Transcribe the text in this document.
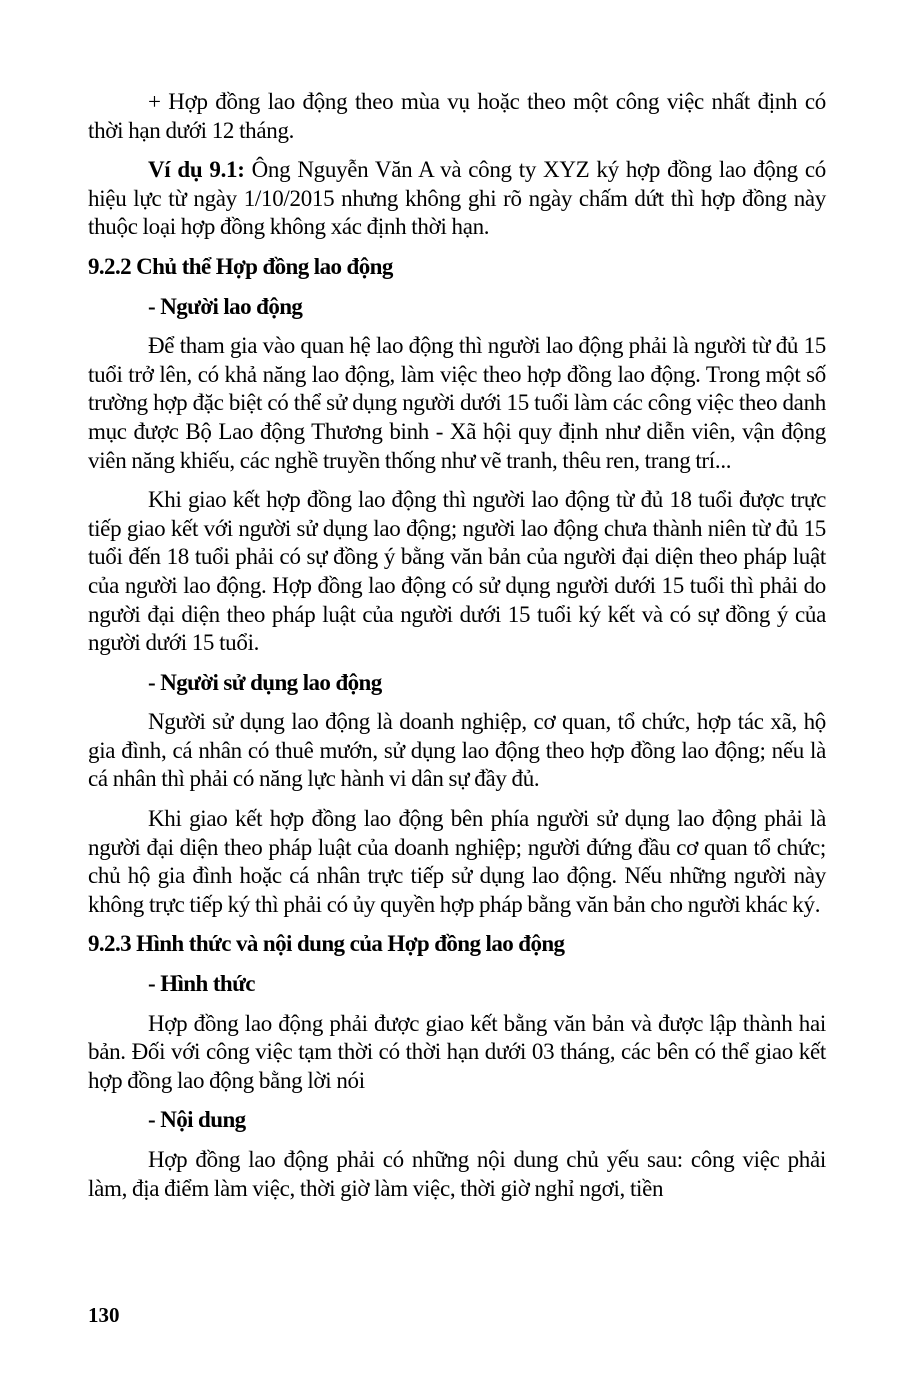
+ Hợp đồng lao động theo mùa vụ hoặc theo một công việc nhất định có thời hạn dưới 12 tháng.

Ví dụ 9.1: Ông Nguyễn Văn A và công ty XYZ ký hợp đồng lao động có hiệu lực từ ngày 1/10/2015 nhưng không ghi rõ ngày chấm dứt thì hợp đồng này thuộc loại hợp đồng không xác định thời hạn.

9.2.2 Chủ thể Hợp đồng lao động
- Người lao động

Để tham gia vào quan hệ lao động thì người lao động phải là người từ đủ 15 tuổi trở lên, có khả năng lao động, làm việc theo hợp đồng lao động. Trong một số trường hợp đặc biệt có thể sử dụng người dưới 15 tuổi làm các công việc theo danh mục được Bộ Lao động Thương binh - Xã hội quy định như diễn viên, vận động viên năng khiếu, các nghề truyền thống như vẽ tranh, thêu ren, trang trí...

Khi giao kết hợp đồng lao động thì người lao động từ đủ 18 tuổi được trực tiếp giao kết với người sử dụng lao động; người lao động chưa thành niên từ đủ 15 tuổi đến 18 tuổi phải có sự đồng ý bằng văn bản của người đại diện theo pháp luật của người lao động. Hợp đồng lao động có sử dụng người dưới 15 tuổi thì phải do người đại diện theo pháp luật của người dưới 15 tuổi ký kết và có sự đồng ý của người dưới 15 tuổi.

- Người sử dụng lao động

Người sử dụng lao động là doanh nghiệp, cơ quan, tổ chức, hợp tác xã, hộ gia đình, cá nhân có thuê mướn, sử dụng lao động theo hợp đồng lao động; nếu là cá nhân thì phải có năng lực hành vi dân sự đầy đủ.

Khi giao kết hợp đồng lao động bên phía người sử dụng lao động phải là người đại diện theo pháp luật của doanh nghiệp; người đứng đầu cơ quan tổ chức; chủ hộ gia đình hoặc cá nhân trực tiếp sử dụng lao động. Nếu những người này không trực tiếp ký thì phải có ủy quyền hợp pháp bằng văn bản cho người khác ký.

9.2.3 Hình thức và nội dung của Hợp đồng lao động
- Hình thức

Hợp đồng lao động phải được giao kết bằng văn bản và được lập thành hai bản. Đối với công việc tạm thời có thời hạn dưới 03 tháng, các bên có thể giao kết hợp đồng lao động bằng lời nói

- Nội dung

Hợp đồng lao động phải có những nội dung chủ yếu sau: công việc phải làm, địa điểm làm việc, thời giờ làm việc, thời giờ nghỉ ngơi, tiền

130
